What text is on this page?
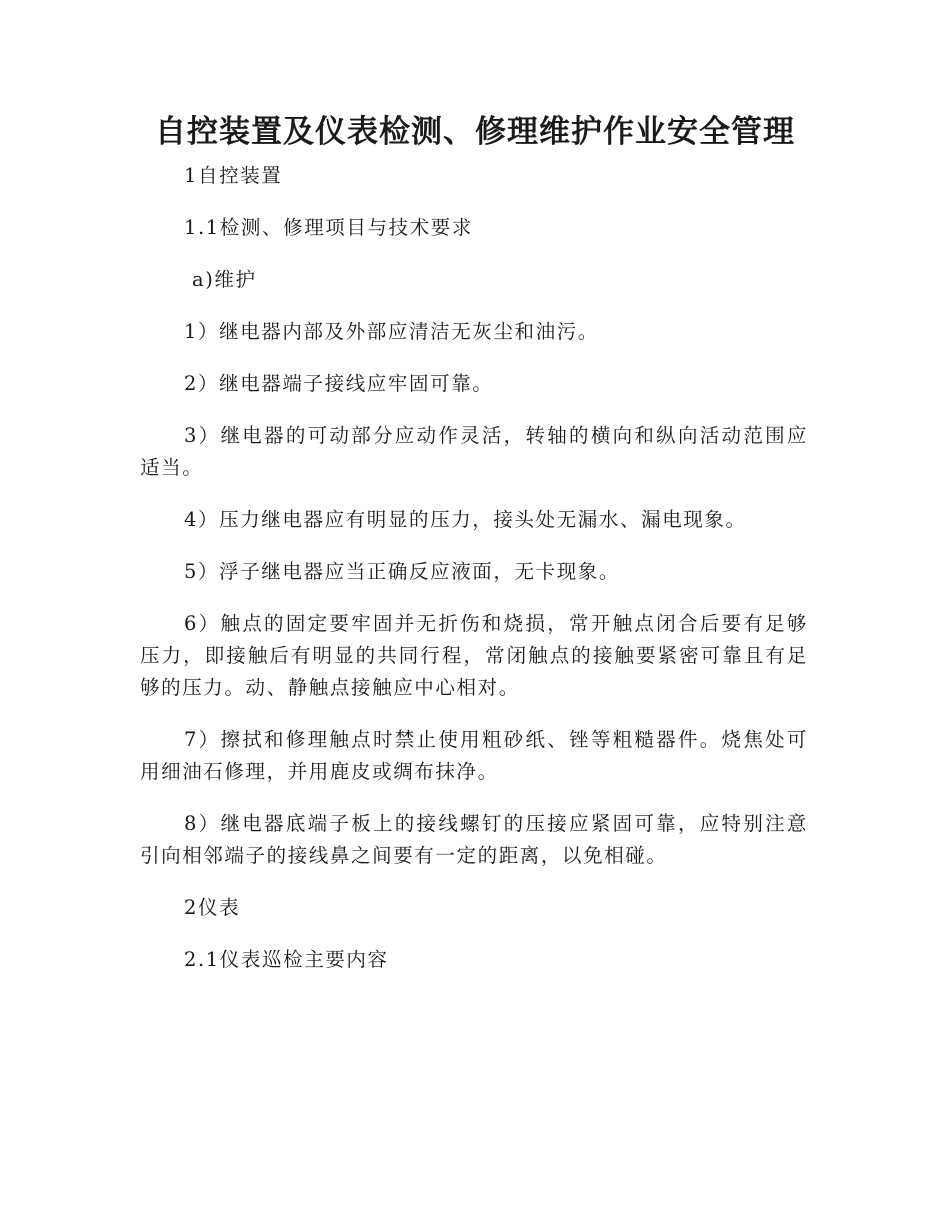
自控装置及仪表检测、修理维护作业安全管理

1自控装置

1.1检测、修理项目与技术要求

a)维护

1）继电器内部及外部应清洁无灰尘和油污。

2）继电器端子接线应牢固可靠。

3）继电器的可动部分应动作灵活，转轴的横向和纵向活动范围应适当。

4）压力继电器应有明显的压力，接头处无漏水、漏电现象。

5）浮子继电器应当正确反应液面，无卡现象。

6）触点的固定要牢固并无折伤和烧损，常开触点闭合后要有足够压力，即接触后有明显的共同行程，常闭触点的接触要紧密可靠且有足够的压力。动、静触点接触应中心相对。

7）擦拭和修理触点时禁止使用粗砂纸、锉等粗糙器件。烧焦处可用细油石修理，并用鹿皮或绸布抹净。

8）继电器底端子板上的接线螺钉的压接应紧固可靠，应特别注意引向相邻端子的接线鼻之间要有一定的距离，以免相碰。

2仪表

2.1仪表巡检主要内容
